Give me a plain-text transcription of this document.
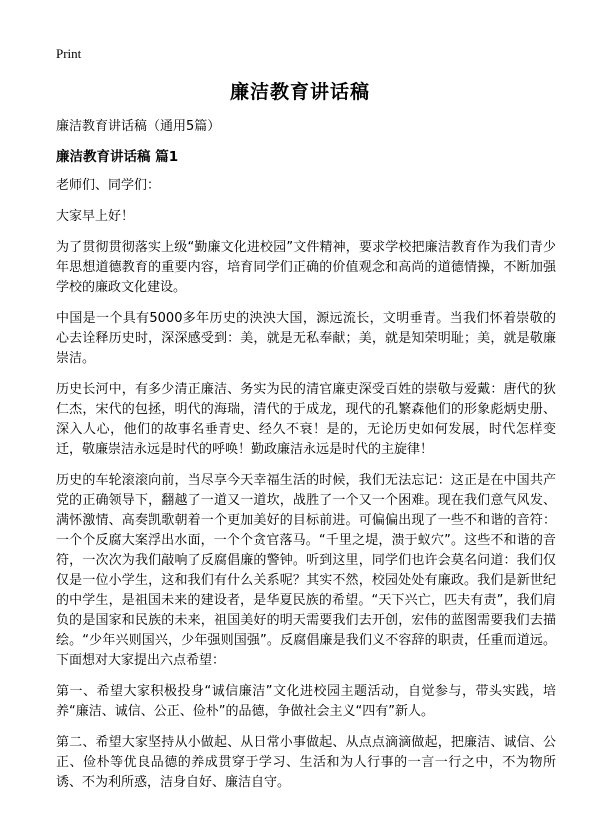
Print
廉洁教育讲话稿
廉洁教育讲话稿（通用5篇）
廉洁教育讲话稿 篇1

老师们、同学们：

大家早上好！

为了贯彻贯彻落实上级“勤廉文化进校园”文件精神，要求学校把廉洁教育作为我们青少年思想道德教育的重要内容，培育同学们正确的价值观念和高尚的道德情操，不断加强学校的廉政文化建设。

中国是一个具有5000多年历史的泱泱大国，源远流长，文明垂青。当我们怀着崇敬的心去诠释历史时，深深感受到：美，就是无私奉献；美，就是知荣明耻；美，就是敬廉崇洁。

历史长河中，有多少清正廉洁、务实为民的清官廉吏深受百姓的崇敬与爱戴：唐代的狄仁杰，宋代的包拯，明代的海瑞，清代的于成龙，现代的孔繁森他们的形象彪炳史册、深入人心，他们的故事名垂青史、经久不衰！是的，无论历史如何发展，时代怎样变迁，敬廉崇洁永远是时代的呼唤！勤政廉洁永远是时代的主旋律！

历史的车轮滚滚向前，当尽享今天幸福生活的时候，我们无法忘记：这正是在中国共产党的正确领导下，翻越了一道又一道坎，战胜了一个又一个困难。现在我们意气风发、满怀激情、高奏凯歌朝着一个更加美好的目标前进。可偏偏出现了一些不和谐的音符：一个个反腐大案浮出水面，一个个贪官落马。“千里之堤，溃于蚁穴”。这些不和谐的音符，一次次为我们敲响了反腐倡廉的警钟。听到这里，同学们也许会莫名问道：我们仅仅是一位小学生，这和我们有什么关系呢？其实不然，校园处处有廉政。我们是新世纪的中学生，是祖国未来的建设者，是华夏民族的希望。“天下兴亡，匹夫有责”，我们肩负的是国家和民族的未来，祖国美好的明天需要我们去开创，宏伟的蓝图需要我们去描绘。“少年兴则国兴，少年强则国强”。反腐倡廉是我们义不容辞的职责，任重而道远。下面想对大家提出六点希望：

第一、希望大家积极投身“诚信廉洁”文化进校园主题活动，自觉参与，带头实践，培养“廉洁、诚信、公正、俭朴”的品德，争做社会主义“四有”新人。

第二、希望大家坚持从小做起、从日常小事做起、从点点滴滴做起，把廉洁、诚信、公正、俭朴等优良品德的养成贯穿于学习、生活和为人行事的一言一行之中，不为物所诱、不为利所惑，洁身自好、廉洁自守。
